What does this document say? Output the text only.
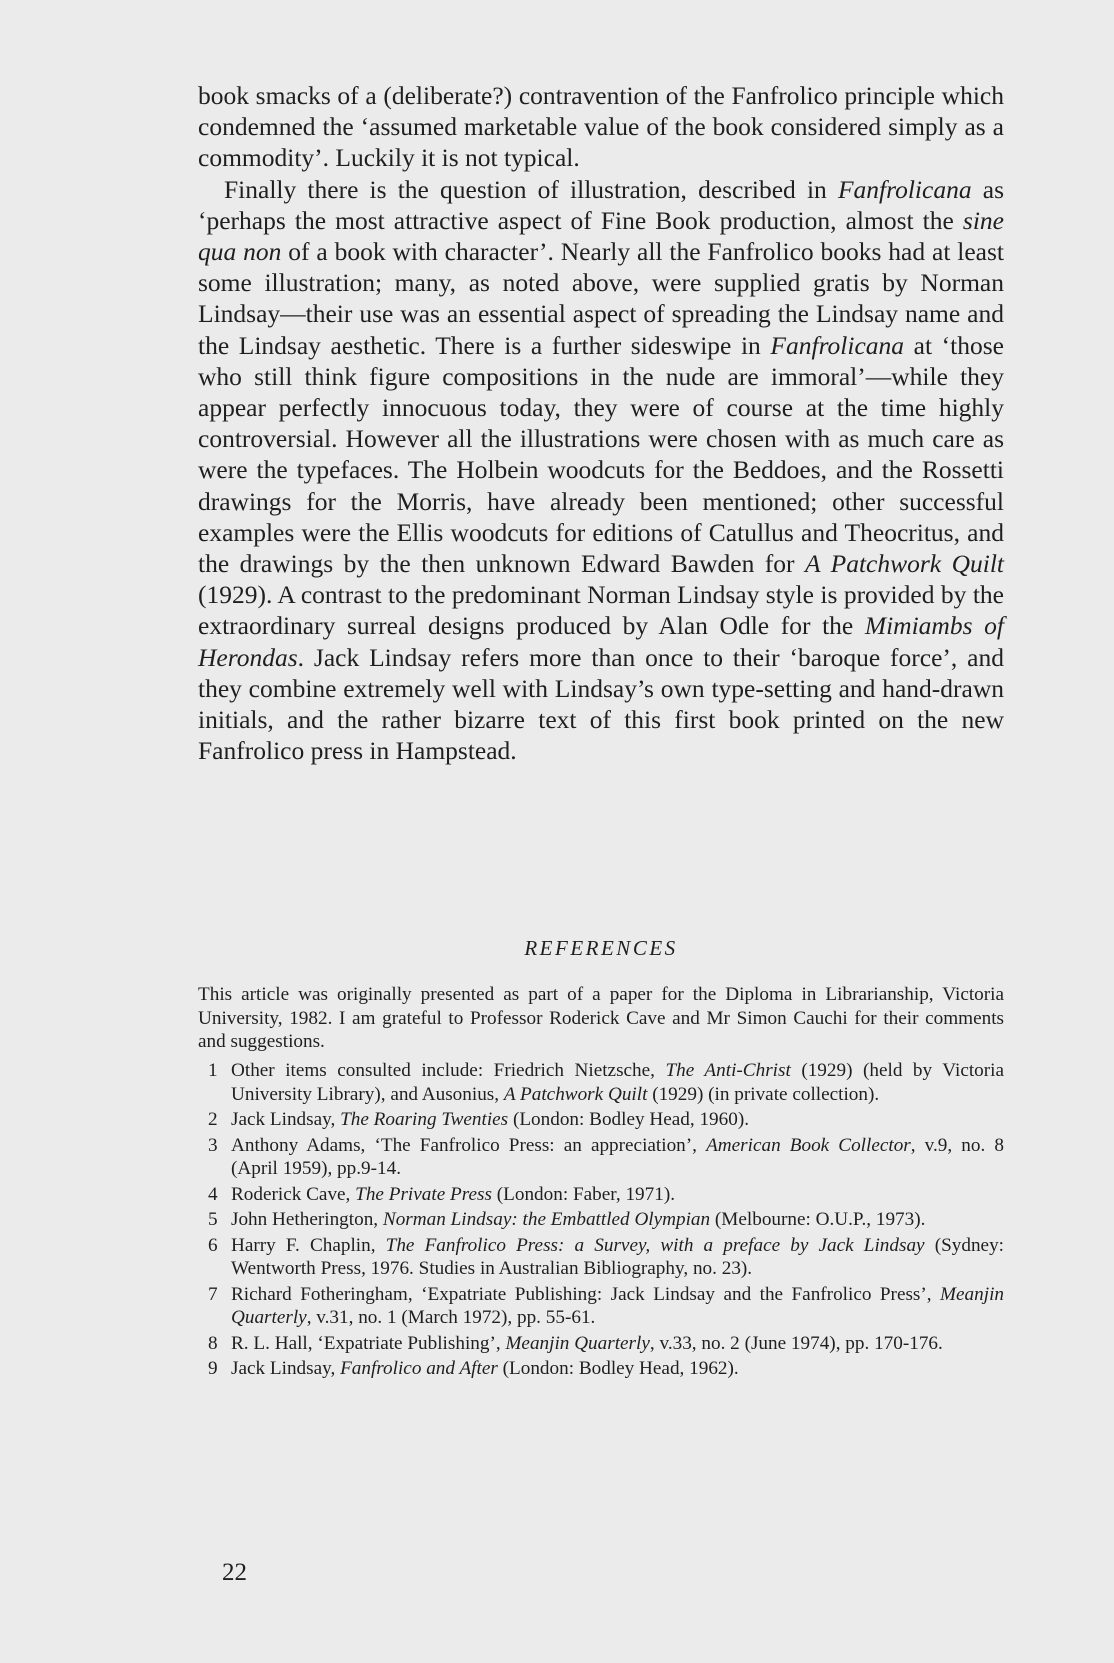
book smacks of a (deliberate?) contravention of the Fanfrolico principle which condemned the ‘assumed marketable value of the book considered simply as a commodity’. Luckily it is not typical.

Finally there is the question of illustration, described in Fanfrolicana as ‘perhaps the most attractive aspect of Fine Book production, almost the sine qua non of a book with character’. Nearly all the Fanfrolico books had at least some illustration; many, as noted above, were supplied gratis by Norman Lindsay—their use was an essential aspect of spreading the Lindsay name and the Lindsay aesthetic. There is a further sideswipe in Fanfrolicana at ‘those who still think figure compositions in the nude are immoral’—while they appear perfectly innocuous today, they were of course at the time highly controversial. However all the illustrations were chosen with as much care as were the typefaces. The Holbein woodcuts for the Beddoes, and the Rossetti drawings for the Morris, have already been mentioned; other successful examples were the Ellis woodcuts for editions of Catullus and Theocritus, and the drawings by the then unknown Edward Bawden for A Patchwork Quilt (1929). A contrast to the predominant Norman Lindsay style is provided by the extraordinary surreal designs produced by Alan Odle for the Mimiambs of Herondas. Jack Lindsay refers more than once to their ‘baroque force’, and they combine extremely well with Lindsay’s own type-setting and hand-drawn initials, and the rather bizarre text of this first book printed on the new Fanfrolico press in Hampstead.

REFERENCES

This article was originally presented as part of a paper for the Diploma in Librarianship, Victoria University, 1982. I am grateful to Professor Roderick Cave and Mr Simon Cauchi for their comments and suggestions.

1 Other items consulted include: Friedrich Nietzsche, The Anti-Christ (1929) (held by Victoria University Library), and Ausonius, A Patchwork Quilt (1929) (in private collection).
2 Jack Lindsay, The Roaring Twenties (London: Bodley Head, 1960).
3 Anthony Adams, ‘The Fanfrolico Press: an appreciation’, American Book Collector, v.9, no. 8 (April 1959), pp.9-14.
4 Roderick Cave, The Private Press (London: Faber, 1971).
5 John Hetherington, Norman Lindsay: the Embattled Olympian (Melbourne: O.U.P., 1973).
6 Harry F. Chaplin, The Fanfrolico Press: a Survey, with a preface by Jack Lindsay (Sydney: Wentworth Press, 1976. Studies in Australian Bibliography, no. 23).
7 Richard Fotheringham, ‘Expatriate Publishing: Jack Lindsay and the Fanfrolico Press’, Meanjin Quarterly, v.31, no. 1 (March 1972), pp. 55-61.
8 R. L. Hall, ‘Expatriate Publishing’, Meanjin Quarterly, v.33, no. 2 (June 1974), pp. 170-176.
9 Jack Lindsay, Fanfrolico and After (London: Bodley Head, 1962).
22
